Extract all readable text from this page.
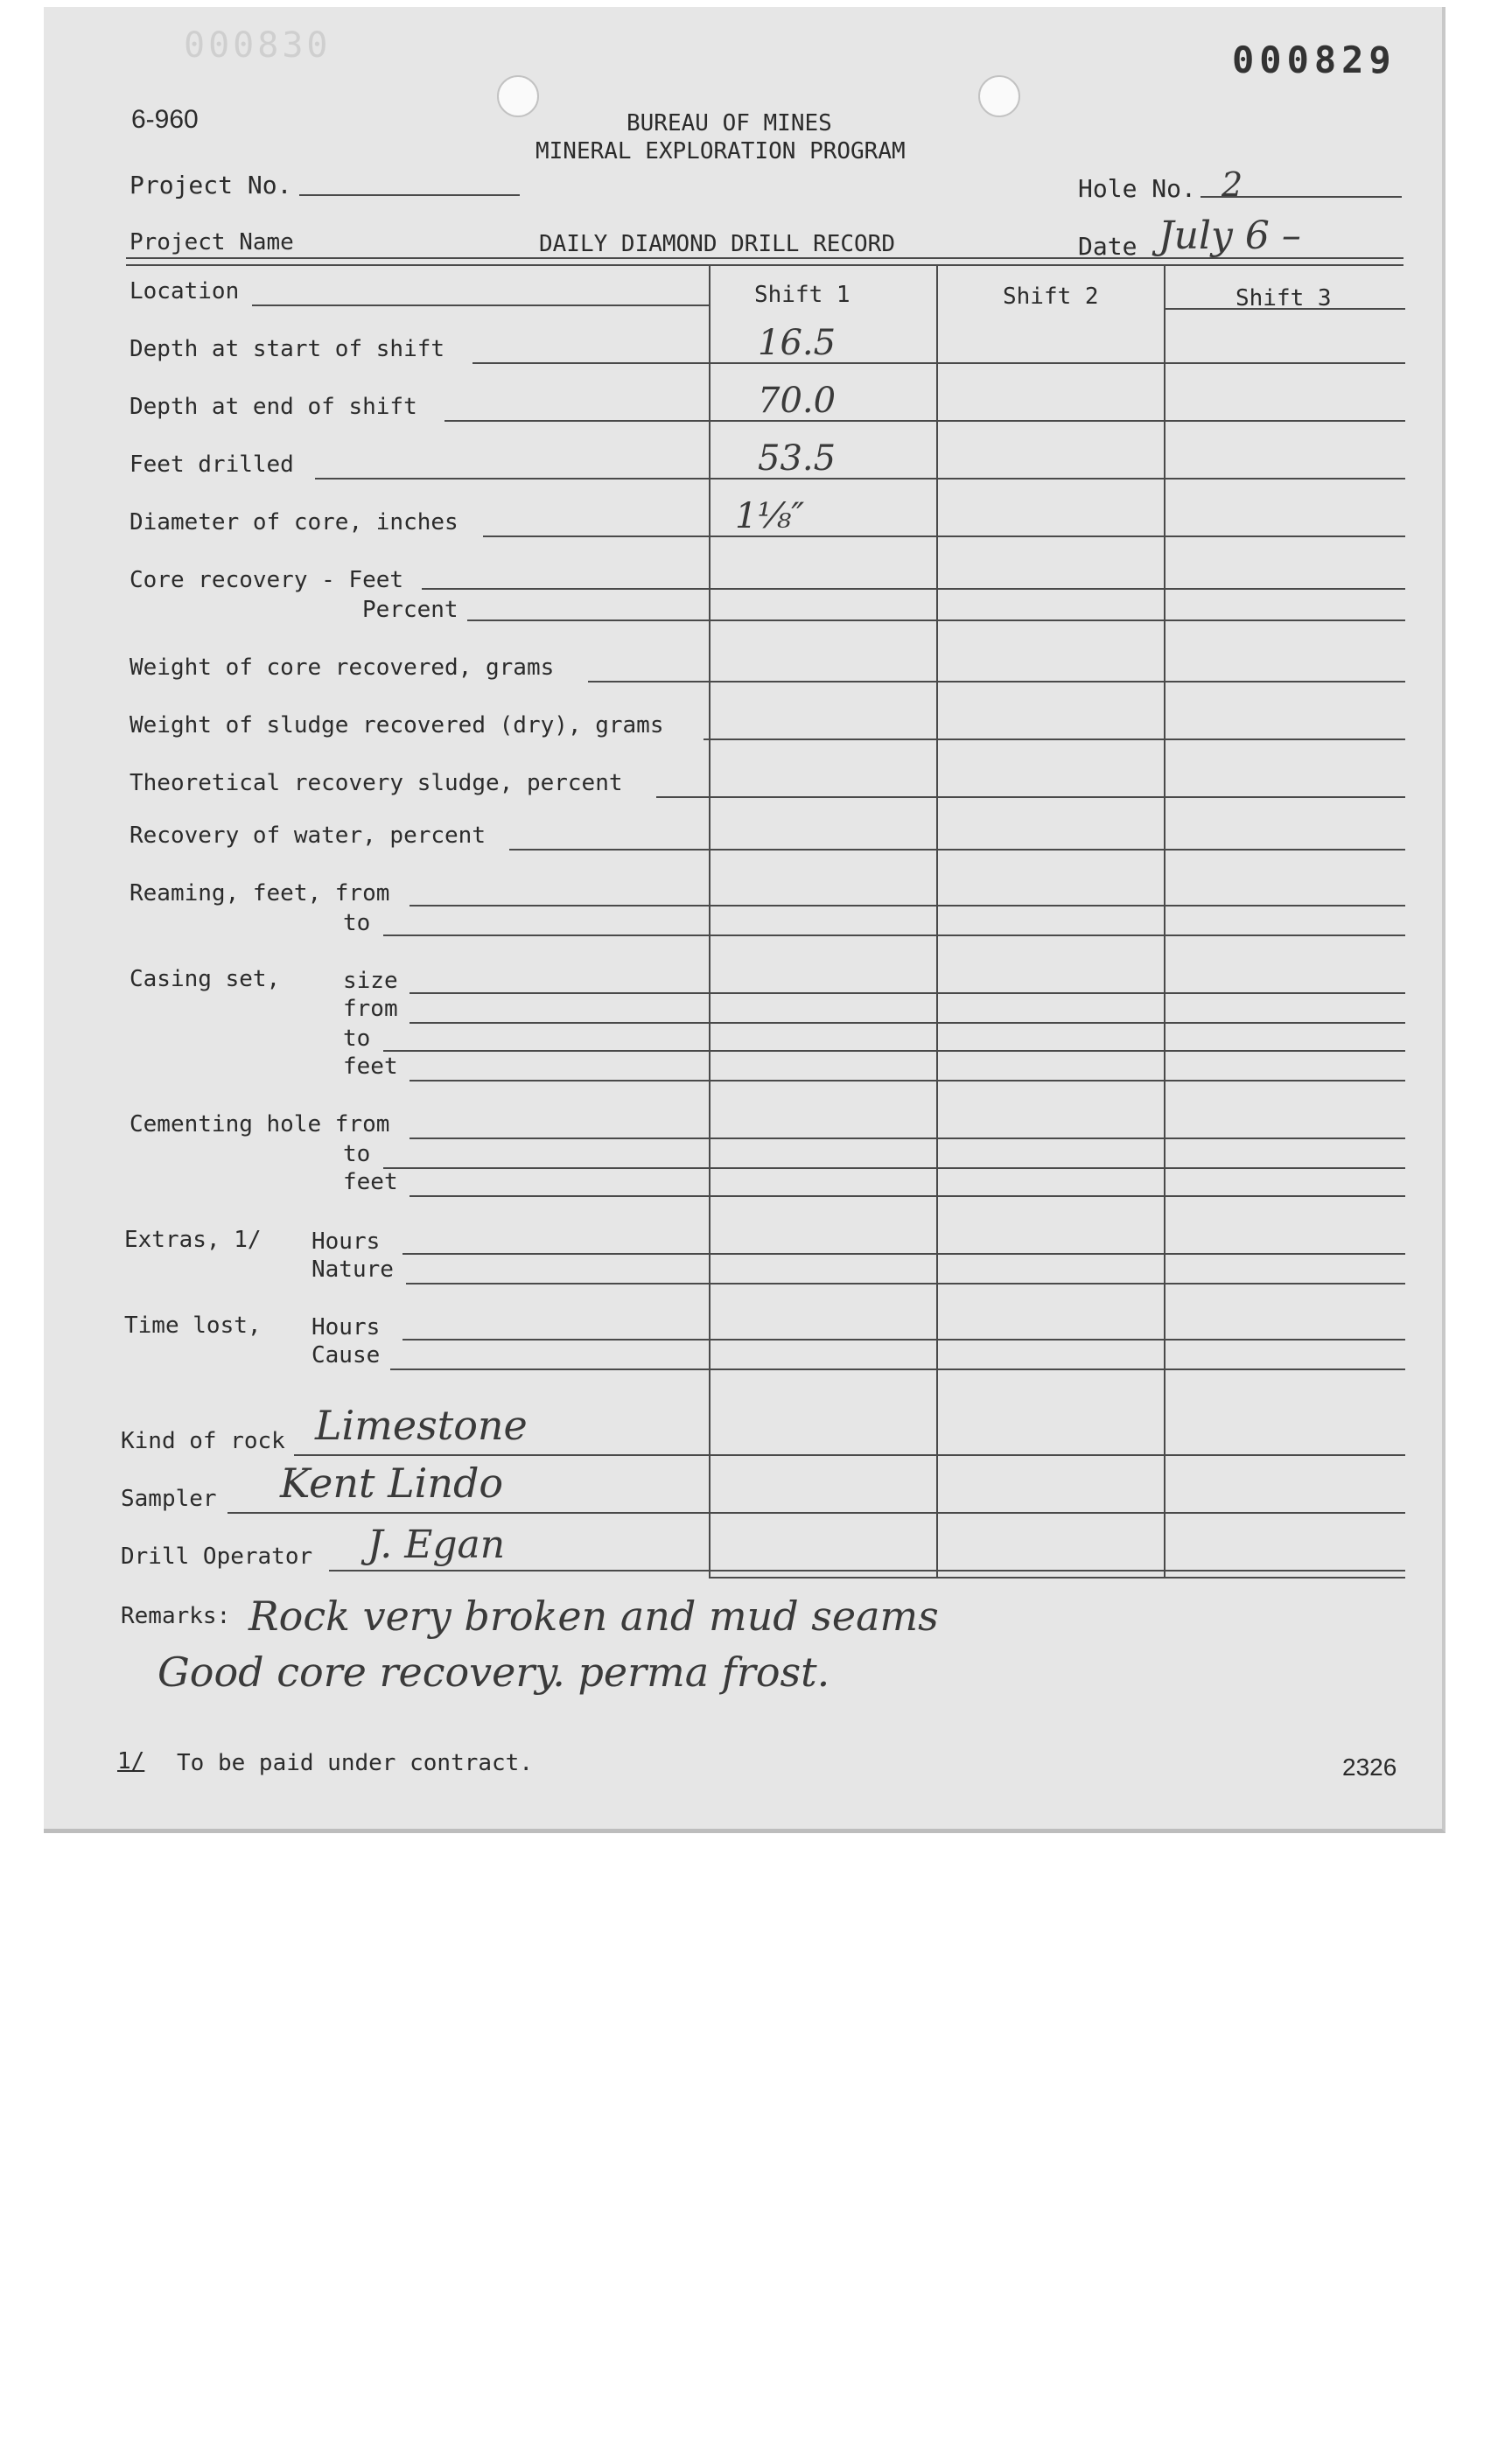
000830	000829
6-960	BUREAU OF MINES
MINERAL EXPLORATION PROGRAM
Project No.	Hole No. 2
Project Name	DAILY DIAMOND DRILL RECORD	Date July 6 –
Shift 1	Shift 2	Shift 3
Location
Depth at start of shift	16.5
Depth at end of shift	70.0
Feet drilled	53.5
Diameter of core, inches	1⅛″
Core recovery - Feet
Percent
Weight of core recovered, grams
Weight of sludge recovered (dry), grams
Theoretical recovery sludge, percent
Recovery of water, percent
Reaming, feet, from
to
Casing set,	size
from
to
feet
Cementing hole from
to
feet
Extras, 1/ Hours
Nature
Time lost, Hours
Cause
Kind of rock Limestone
Sampler Kent Lindo
Drill Operator J. Egan
Remarks: Rock very broken and mud seams
Good core recovery. perma frost.
1/ To be paid under contract.	2326
